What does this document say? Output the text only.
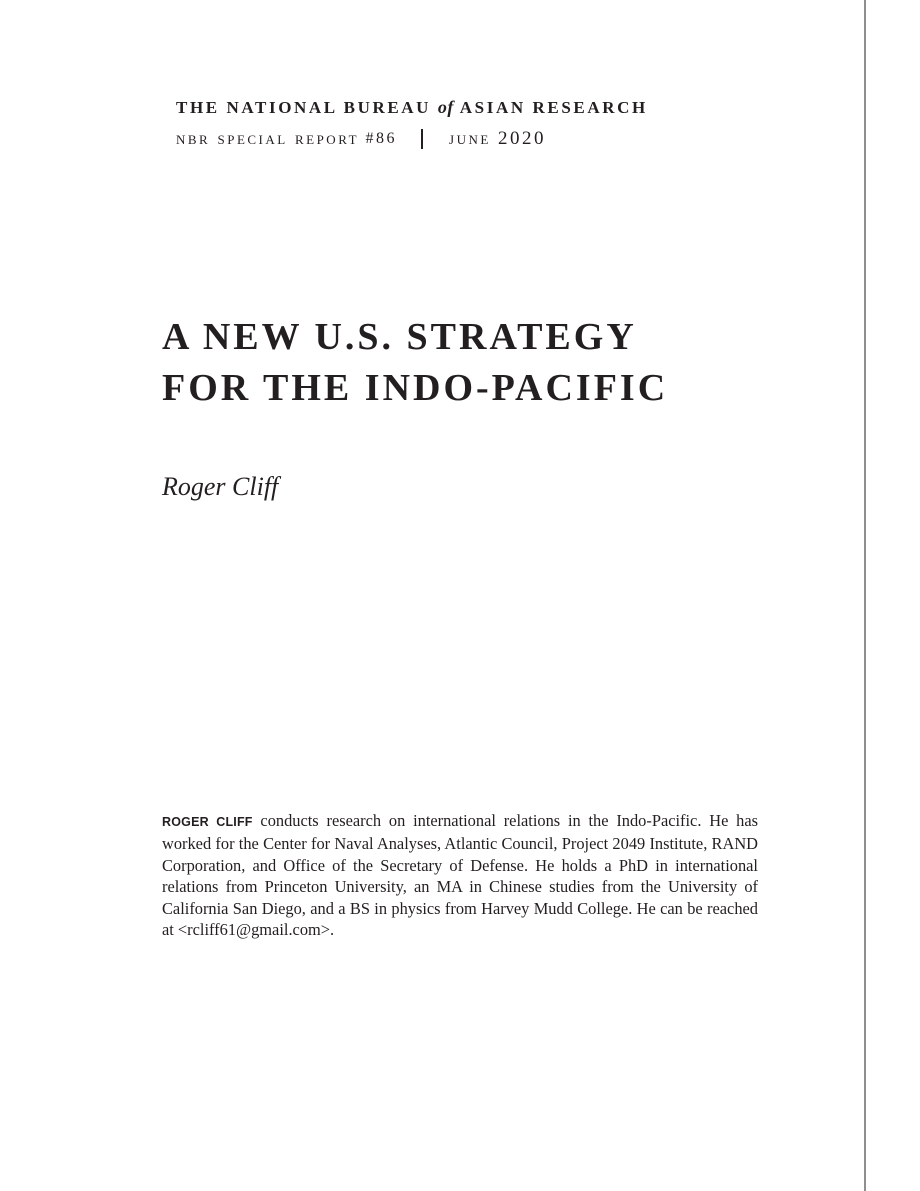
THE NATIONAL BUREAU of ASIAN RESEARCH
nbr special report
#86	june 2020
A NEW U.S. STRATEGY
FOR THE INDO-PACIFIC
Roger Cliff

ROGER CLIFF conducts research on international relations in the Indo-Pacific. He has worked for the Center for Naval Analyses, Atlantic Council, Project 2049 Institute, RAND Corporation, and Office of the Secretary of Defense. He holds a PhD in international relations from Princeton University, an MA in Chinese studies from the University of California San Diego, and a BS in physics from Harvey Mudd College. He can be reached at <rcliff61@gmail.com>.
